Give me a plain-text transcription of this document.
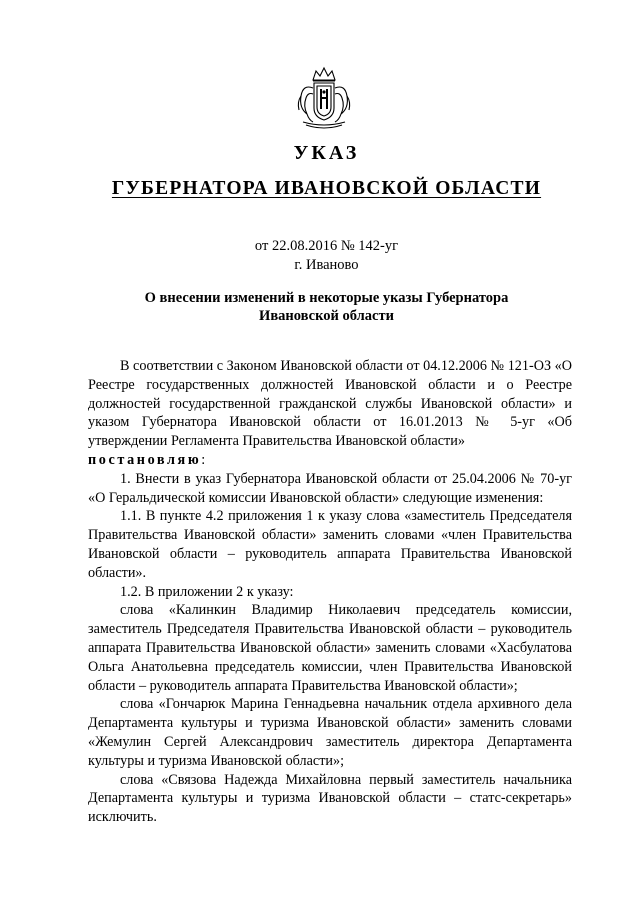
УКАЗ
ГУБЕРНАТОРА ИВАНОВСКОЙ ОБЛАСТИ
от 22.08.2016 № 142-уг
г. Иваново
О внесении изменений в некоторые указы Губернатора
Ивановской области

В соответствии с Законом Ивановской области от 04.12.2006 № 121-ОЗ «О Реестре государственных должностей Ивановской области и о Реестре должностей государственной гражданской службы Ивановской области» и указом Губернатора Ивановской области от 16.01.2013 № 5-уг «Об утверждении Регламента Правительства Ивановской области»

постановляю:

1. Внести в указ Губернатора Ивановской области от 25.04.2006 № 70-уг «О Геральдической комиссии Ивановской области» следующие изменения:

1.1. В пункте 4.2 приложения 1 к указу слова «заместитель Председателя Правительства Ивановской области» заменить словами «член Правительства Ивановской области – руководитель аппарата Правительства Ивановской области».

1.2. В приложении 2 к указу:

слова «Калинкин Владимир Николаевич председатель комиссии, заместитель Председателя Правительства Ивановской области – руководитель аппарата Правительства Ивановской области» заменить словами «Хасбулатова Ольга Анатольевна председатель комиссии, член Правительства Ивановской области – руководитель аппарата Правительства Ивановской области»;

слова «Гончарюк Марина Геннадьевна начальник отдела архивного дела Департамента культуры и туризма Ивановской области» заменить словами «Жемулин Сергей Александрович заместитель директора Департамента культуры и туризма Ивановской области»;

слова «Связова Надежда Михайловна первый заместитель начальника Департамента культуры и туризма Ивановской области – статс-секретарь» исключить.
